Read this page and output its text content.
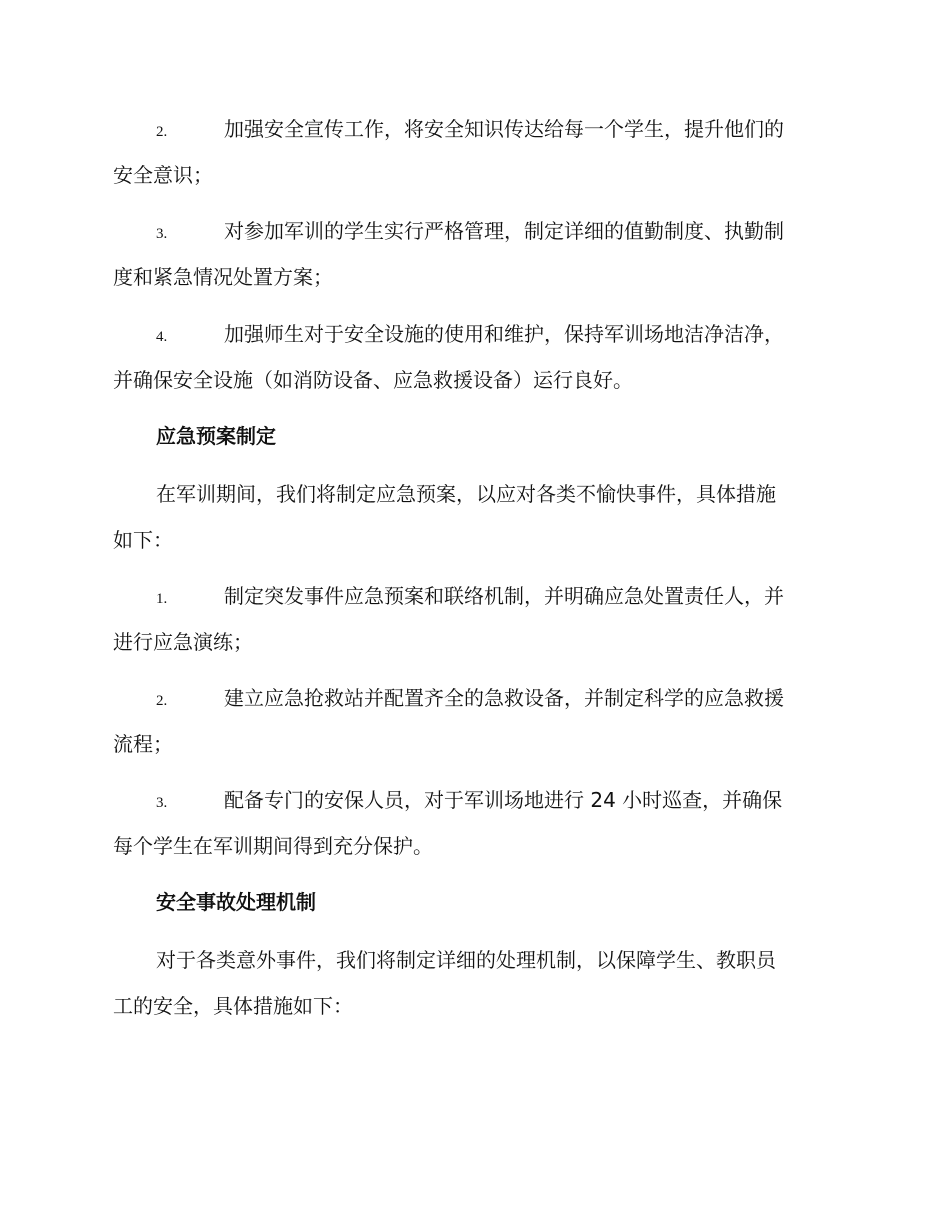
2.	加强安全宣传工作，将安全知识传达给每一个学生，提升他们的
安全意识；
3.	对参加军训的学生实行严格管理，制定详细的值勤制度、执勤制
度和紧急情况处置方案；
4.	加强师生对于安全设施的使用和维护，保持军训场地洁净洁净，
并确保安全设施（如消防设备、应急救援设备）运行良好。
应急预案制定
在军训期间，我们将制定应急预案，以应对各类不愉快事件，具体措施
如下：
1.	制定突发事件应急预案和联络机制，并明确应急处置责任人，并
进行应急演练；
2.	建立应急抢救站并配置齐全的急救设备，并制定科学的应急救援
流程；
3.	配备专门的安保人员，对于军训场地进行 24 小时巡查，并确保
每个学生在军训期间得到充分保护。
安全事故处理机制
对于各类意外事件，我们将制定详细的处理机制，以保障学生、教职员
工的安全，具体措施如下：
